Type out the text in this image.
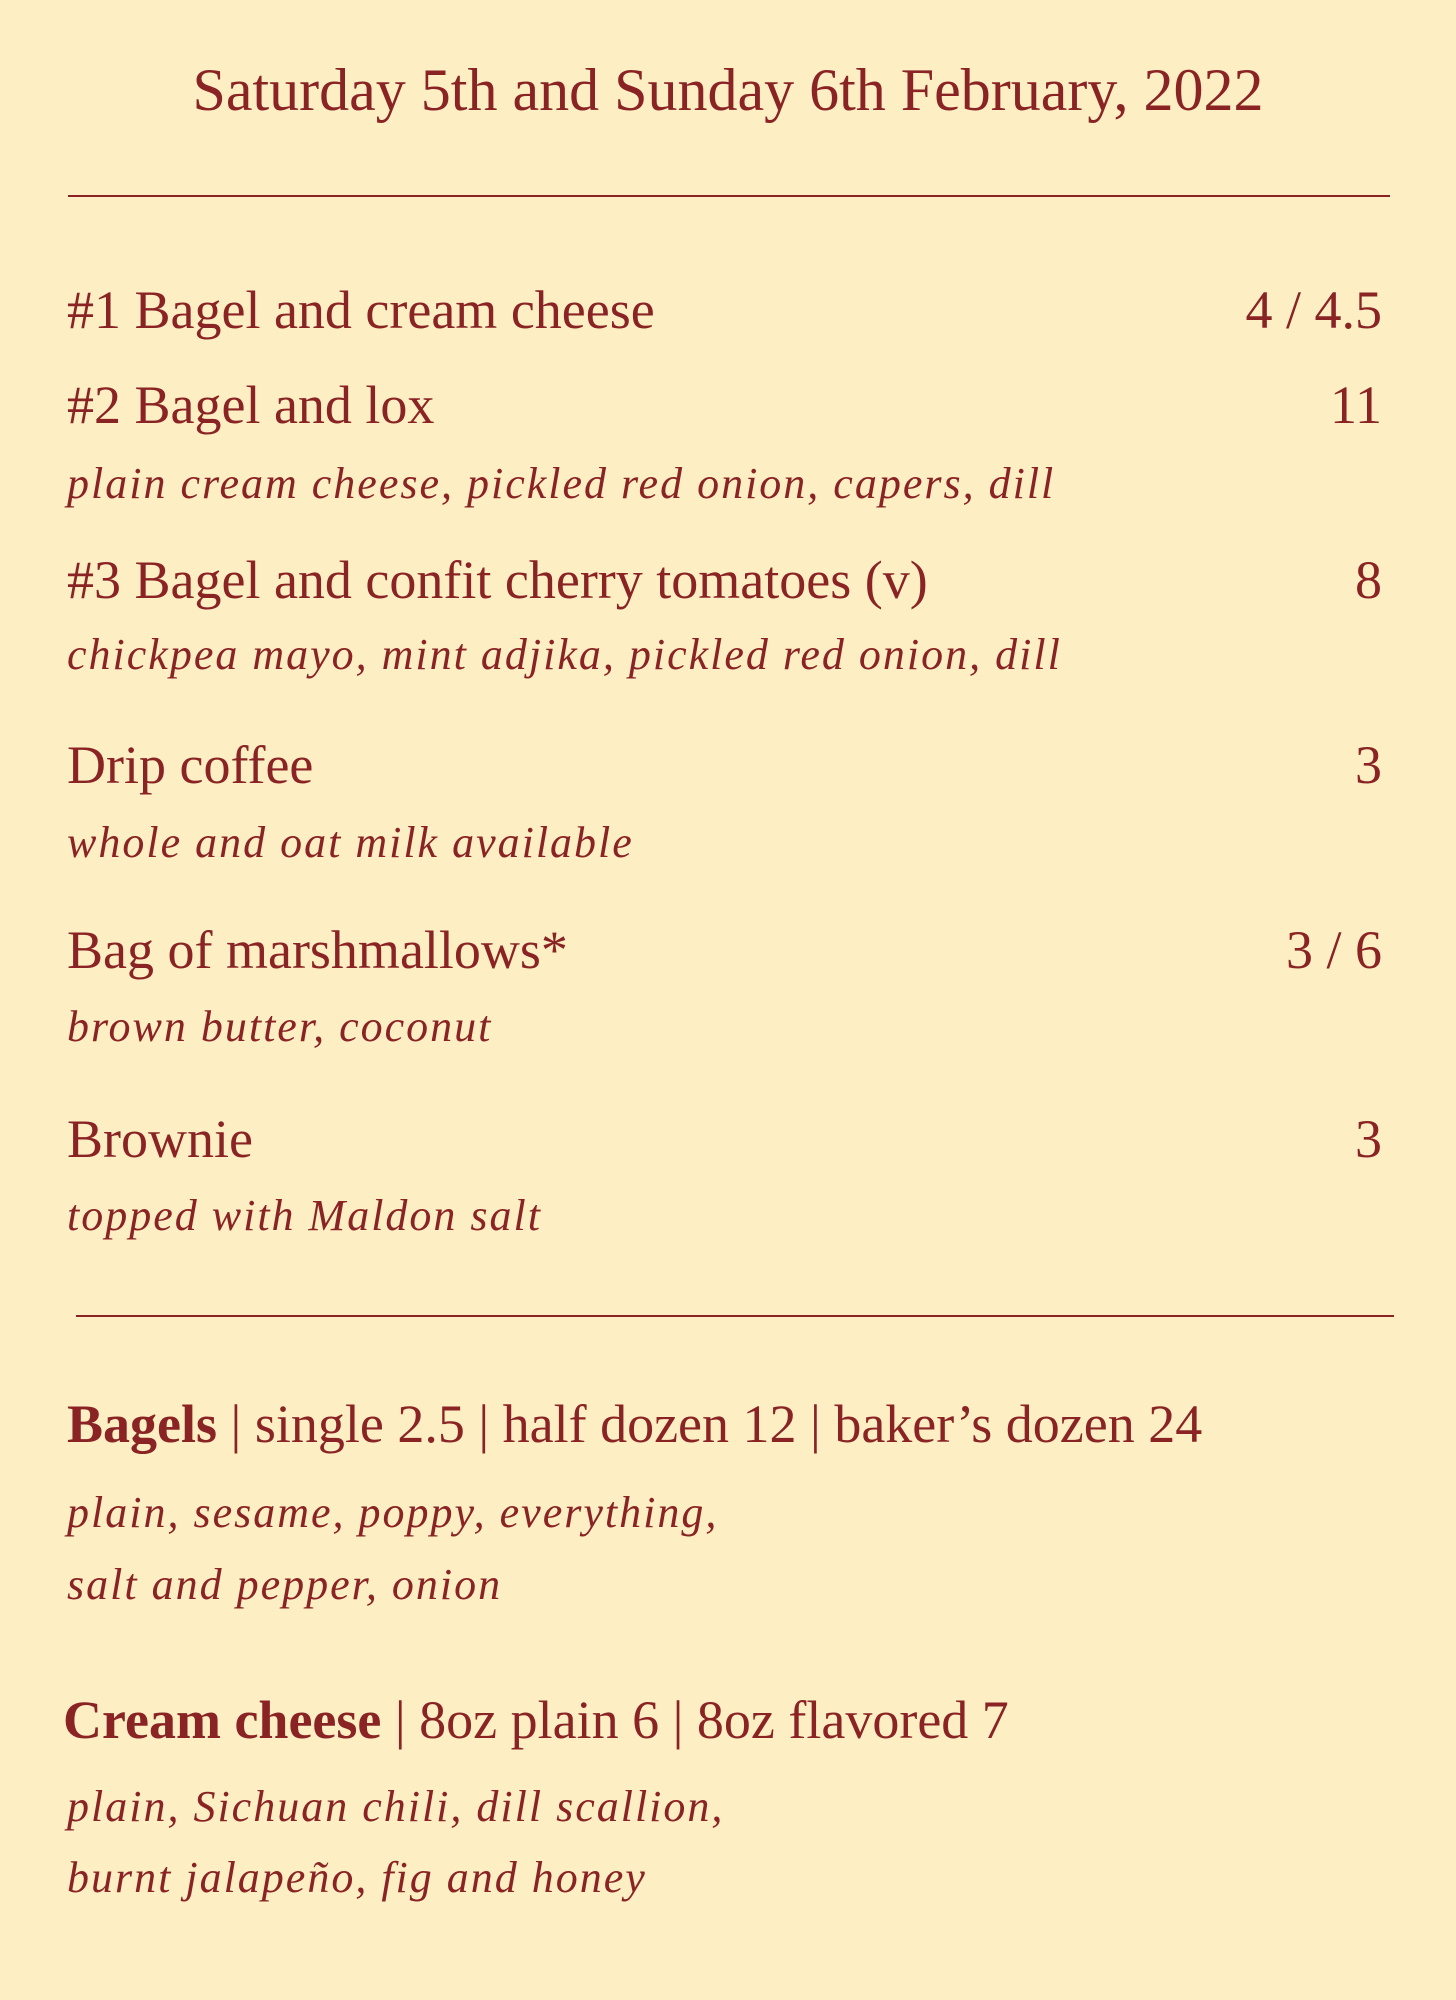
Saturday 5th and Sunday 6th February, 2022
#1 Bagel and cream cheese	4 / 4.5
#2 Bagel and lox	11
plain cream cheese, pickled red onion, capers, dill
#3 Bagel and confit cherry tomatoes (v)	8
chickpea mayo, mint adjika, pickled red onion, dill
Drip coffee	3
whole and oat milk available
Bag of marshmallows*	3 / 6
brown butter, coconut
Brownie	3
topped with Maldon salt
Bagels | single 2.5 | half dozen 12 | baker’s dozen 24
plain, sesame, poppy, everything,
salt and pepper, onion
Cream cheese | 8oz plain 6 | 8oz flavored 7
plain, Sichuan chili, dill scallion,
burnt jalapeño, fig and honey
